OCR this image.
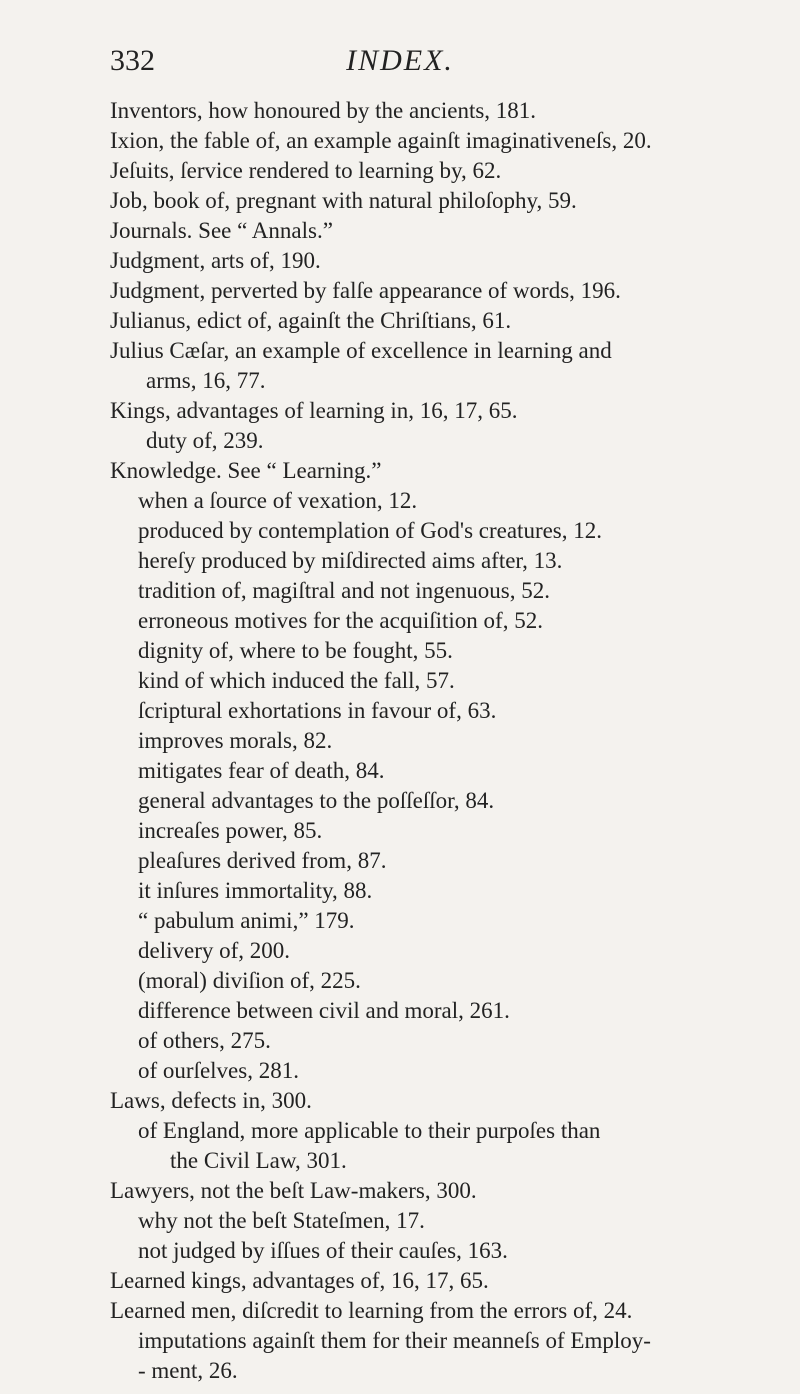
332	INDEX.
Inventors, how honoured by the ancients, 181.
Ixion, the fable of, an example againſt imaginativeneſs, 20.
Jeſuits, ſervice rendered to learning by, 62.
Job, book of, pregnant with natural philoſophy, 59.
Journals. See “ Annals.”
Judgment, arts of, 190.
Judgment, perverted by falſe appearance of words, 196.
Julianus, edict of, againſt the Chriſtians, 61.
Julius Cæſar, an example of excellence in learning and
arms, 16, 77.
Kings, advantages of learning in, 16, 17, 65.
duty of, 239.
Knowledge. See “ Learning.”
when a ſource of vexation, 12.
produced by contemplation of God's creatures, 12.
hereſy produced by miſdirected aims after, 13.
tradition of, magiſtral and not ingenuous, 52.
erroneous motives for the acquiſition of, 52.
dignity of, where to be fought, 55.
kind of which induced the fall, 57.
ſcriptural exhortations in favour of, 63.
improves morals, 82.
mitigates fear of death, 84.
general advantages to the poſſeſſor, 84.
increaſes power, 85.
pleaſures derived from, 87.
it inſures immortality, 88.
“ pabulum animi,” 179.
delivery of, 200.
(moral) diviſion of, 225.
difference between civil and moral, 261.
of others, 275.
of ourſelves, 281.
Laws, defects in, 300.
of England, more applicable to their purpoſes than
the Civil Law, 301.
Lawyers, not the beſt Law-makers, 300.
why not the beſt Stateſmen, 17.
not judged by iſſues of their cauſes, 163.
Learned kings, advantages of, 16, 17, 65.
Learned men, diſcredit to learning from the errors of, 24.
imputations againſt them for their meanneſs of Employ-
- ment, 26.
